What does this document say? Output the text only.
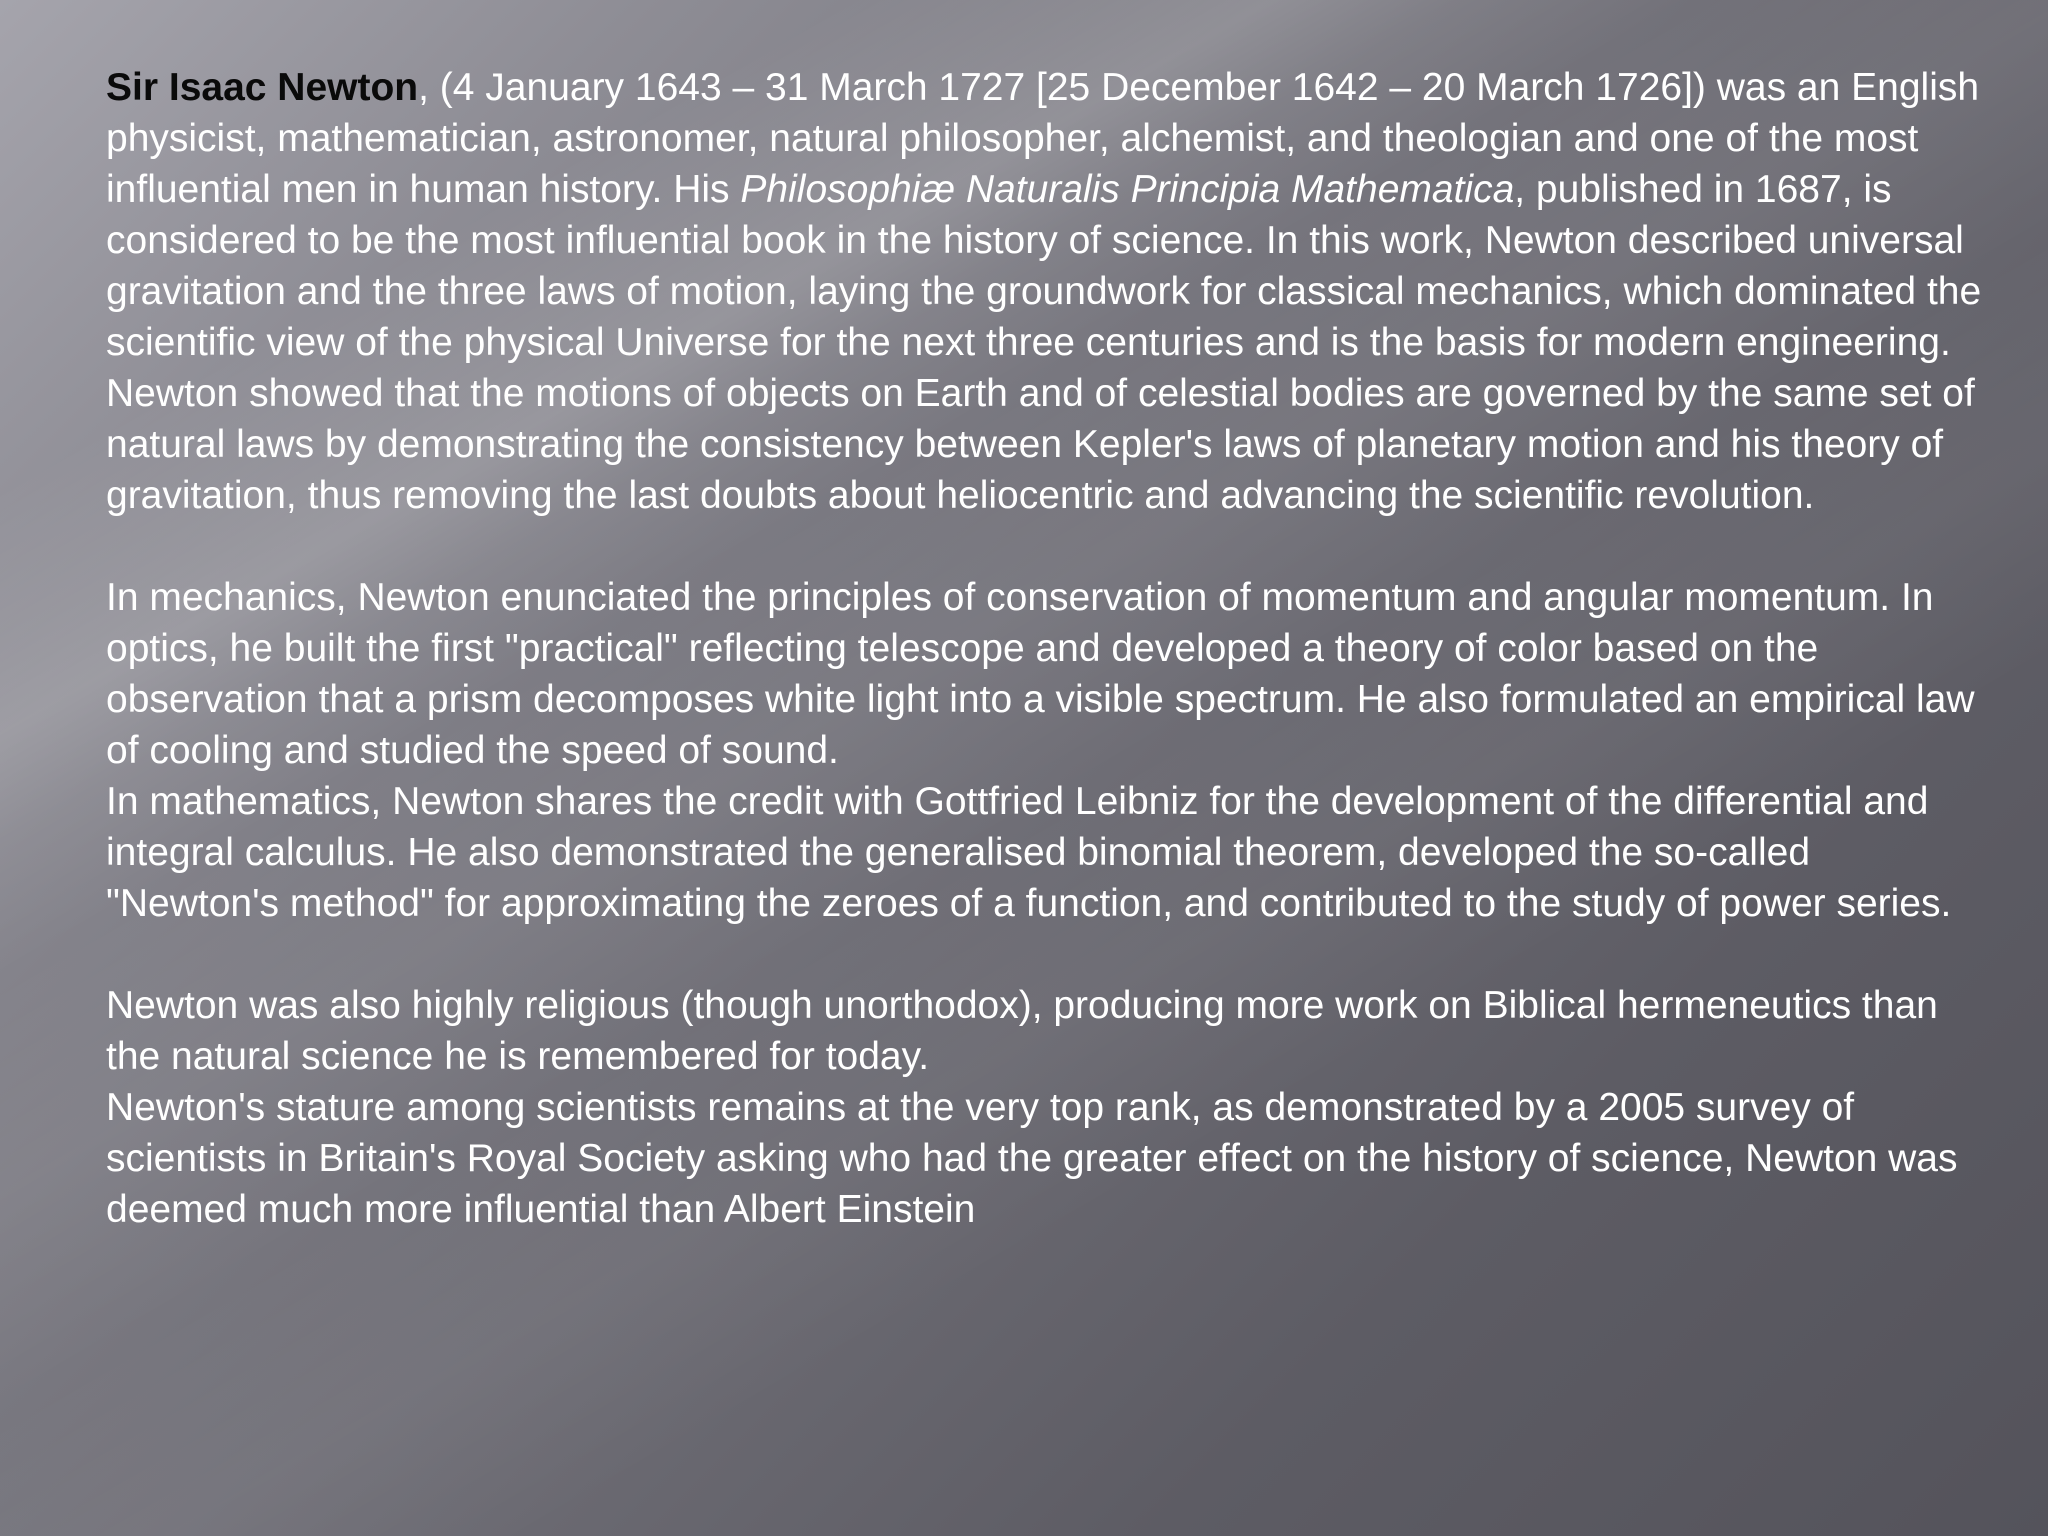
Sir Isaac Newton, (4 January 1643 – 31 March 1727 [25 December 1642 – 20 March 1726]) was an English physicist, mathematician, astronomer, natural philosopher, alchemist, and theologian and one of the most influential men in human history. His Philosophiæ Naturalis Principia Mathematica, published in 1687, is considered to be the most influential book in the history of science. In this work, Newton described universal gravitation and the three laws of motion, laying the groundwork for classical mechanics, which dominated the scientific view of the physical Universe for the next three centuries and is the basis for modern engineering. Newton showed that the motions of objects on Earth and of celestial bodies are governed by the same set of natural laws by demonstrating the consistency between Kepler's laws of planetary motion and his theory of gravitation, thus removing the last doubts about heliocentric and advancing the scientific revolution.

In mechanics, Newton enunciated the principles of conservation of momentum and angular momentum. In optics, he built the first "practical" reflecting telescope and developed a theory of color based on the observation that a prism decomposes white light into a visible spectrum. He also formulated an empirical law of cooling and studied the speed of sound.

In mathematics, Newton shares the credit with Gottfried Leibniz for the development of the differential and integral calculus. He also demonstrated the generalised binomial theorem, developed the so-called "Newton's method" for approximating the zeroes of a function, and contributed to the study of power series.

Newton was also highly religious (though unorthodox), producing more work on Biblical hermeneutics than the natural science he is remembered for today.

Newton's stature among scientists remains at the very top rank, as demonstrated by a 2005 survey of scientists in Britain's Royal Society asking who had the greater effect on the history of science, Newton was deemed much more influential than Albert Einstein
